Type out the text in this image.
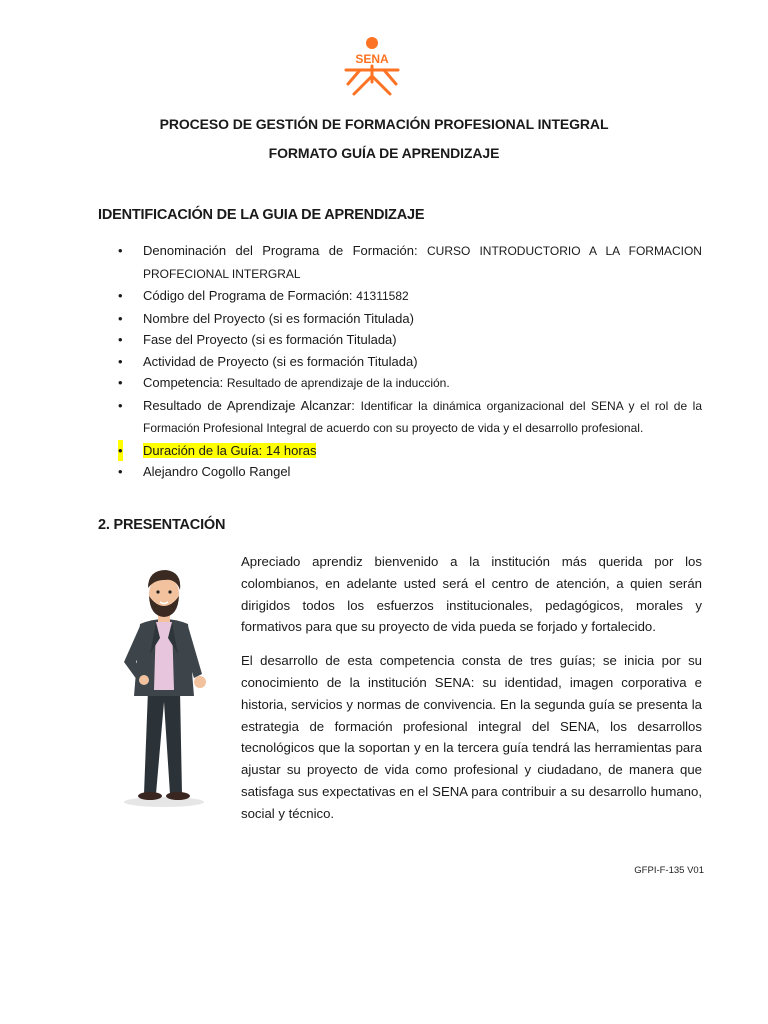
SENA
PROCESO DE GESTIÓN DE FORMACIÓN PROFESIONAL INTEGRAL
FORMATO GUÍA DE APRENDIZAJE
IDENTIFICACIÓN DE LA GUIA DE APRENDIZAJE
• Denominación del Programa de Formación: CURSO INTRODUCTORIO A LA FORMACION PROFECIONAL INTERGRAL
• Código del Programa de Formación: 41311582
• Nombre del Proyecto (si es formación Titulada)
• Fase del Proyecto (si es formación Titulada)
• Actividad de Proyecto (si es formación Titulada)
• Competencia: Resultado de aprendizaje de la inducción.
• Resultado de Aprendizaje Alcanzar: Identificar la dinámica organizacional del SENA y el rol de la Formación Profesional Integral de acuerdo con su proyecto de vida y el desarrollo profesional.
• Duración de la Guía: 14 horas
• Alejandro Cogollo Rangel
2. PRESENTACIÓN

Apreciado aprendiz bienvenido a la institución más querida por los colombianos, en adelante usted será el centro de atención, a quien serán dirigidos todos los esfuerzos institucionales, pedagógicos, morales y formativos para que su proyecto de vida pueda se forjado y fortalecido.

El desarrollo de esta competencia consta de tres guías; se inicia por su conocimiento de la institución SENA: su identidad, imagen corporativa e historia, servicios y normas de convivencia. En la segunda guía se presenta la estrategia de formación profesional integral del SENA, los desarrollos tecnológicos que la soportan y en la tercera guía tendrá las herramientas para ajustar su proyecto de vida como profesional y ciudadano, de manera que satisfaga sus expectativas en el SENA para contribuir a su desarrollo humano, social y técnico.

GFPI-F-135 V01
